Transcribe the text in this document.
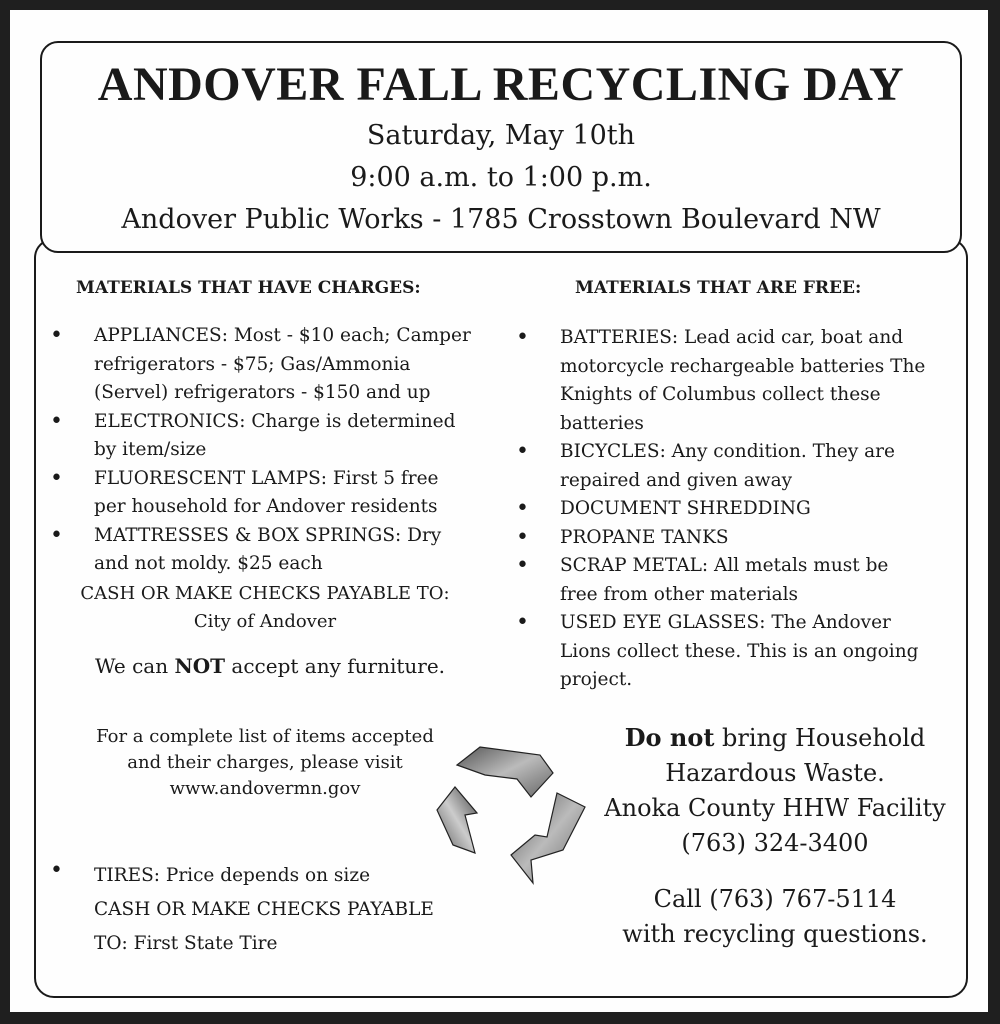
ANDOVER FALL RECYCLING DAY
Saturday, May 10th
9:00 a.m. to 1:00 p.m.
Andover Public Works - 1785 Crosstown Boulevard NW
MATERIALS THAT HAVE CHARGES:	MATERIALS THAT ARE FREE:
• APPLIANCES: Most - $10 each; Camper
refrigerators - $75; Gas/Ammonia
(Servel) refrigerators - $150 and up
• ELECTRONICS: Charge is determined
by item/size
• FLUORESCENT LAMPS: First 5 free
per household for Andover residents
• MATTRESSES & BOX SPRINGS: Dry
and not moldy. $25 each
• BATTERIES: Lead acid car, boat and
motorcycle rechargeable batteries The
Knights of Columbus collect these
batteries
• BICYCLES: Any condition. They are
repaired and given away
• DOCUMENT SHREDDING
• PROPANE TANKS
• SCRAP METAL: All metals must be
free from other materials
• USED EYE GLASSES: The Andover
Lions collect these. This is an ongoing
project.
CASH OR MAKE CHECKS PAYABLE TO:
City of Andover
We can NOT accept any furniture.
For a complete list of items accepted
and their charges, please visit
www.andovermn.gov
• TIRES: Price depends on size
CASH OR MAKE CHECKS PAYABLE
TO: First State Tire
Do not bring Household
Hazardous Waste.
Anoka County HHW Facility
(763) 324-3400
Call (763) 767-5114
with recycling questions.
